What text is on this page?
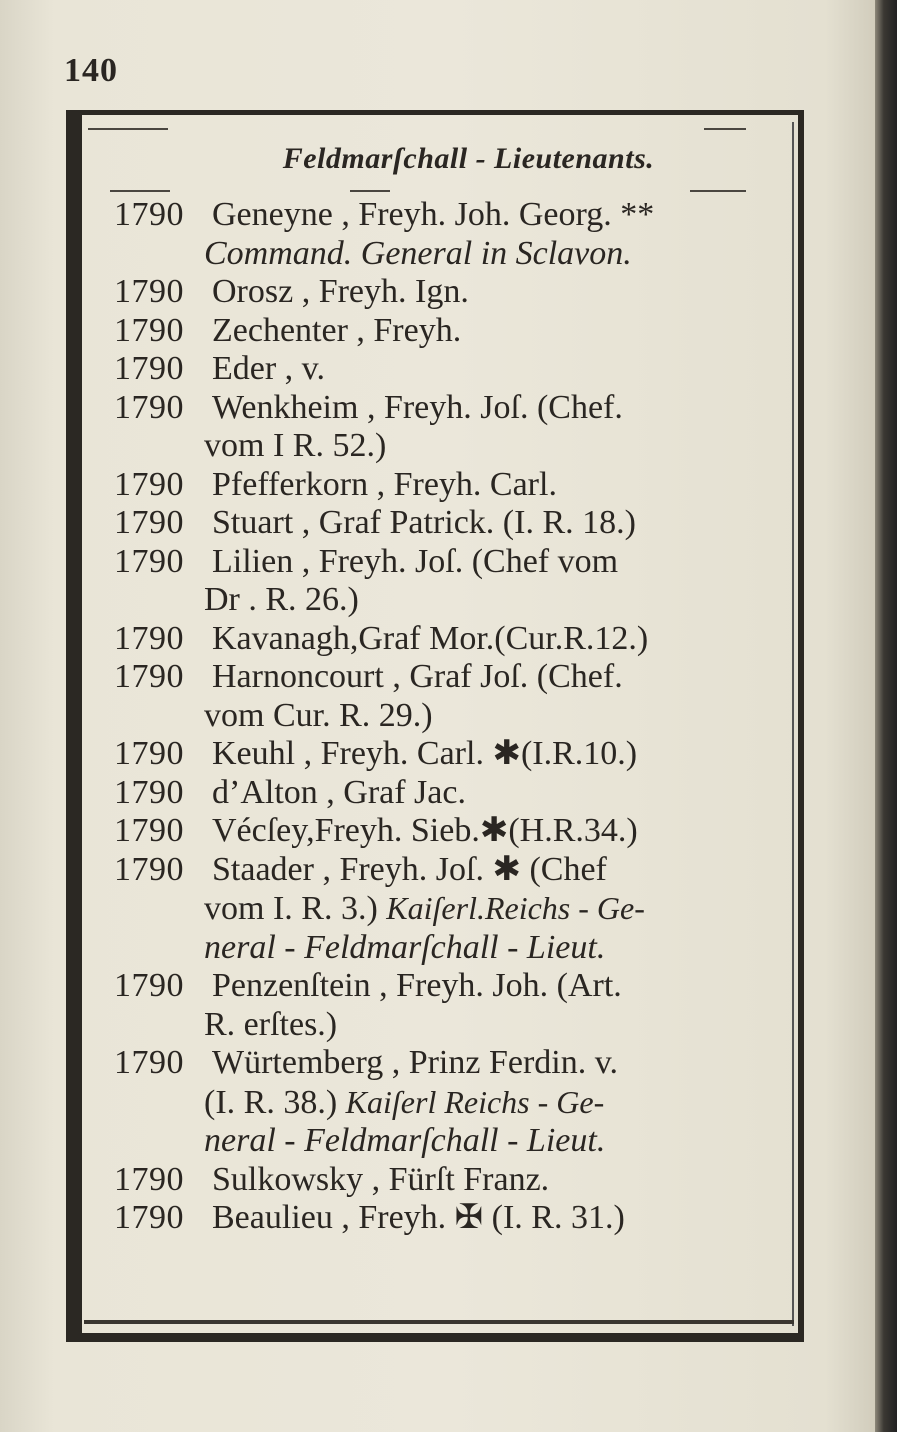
140
Feldmarſchall - Lieutenants.
1790 Geneyne , Freyh. Joh. Georg. **
Command. General in Sclavon.
1790 Orosz , Freyh. Ign.
1790 Zechenter , Freyh.
1790 Eder , v.
1790 Wenkheim , Freyh. Joſ. (Chef.
vom I R. 52.)
1790 Pfefferkorn , Freyh. Carl.
1790 Stuart , Graf Patrick. (I. R. 18.)
1790 Lilien , Freyh. Joſ. (Chef vom
Dr . R. 26.)
1790 Kavanagh,Graf Mor.(Cur.R.12.)
1790 Harnoncourt , Graf Joſ. (Chef.
vom Cur. R. 29.)
1790 Keuhl , Freyh. Carl. ✱(I.R.10.)
1790 d’Alton , Graf Jac.
1790 Vécſey,Freyh. Sieb.✱(H.R.34.)
1790 Staader , Freyh. Joſ. ✱ (Chef
vom I. R. 3.) Kaiſerl.Reichs - Ge-
neral - Feldmarſchall - Lieut.
1790 Penzenſtein , Freyh. Joh. (Art.
R. erſtes.)
1790 Würtemberg , Prinz Ferdin. v.
(I. R. 38.) Kaiſerl Reichs - Ge-
neral - Feldmarſchall - Lieut.
1790 Sulkowsky , Fürſt Franz.
1790 Beaulieu , Freyh. ✠ (I. R. 31.)
